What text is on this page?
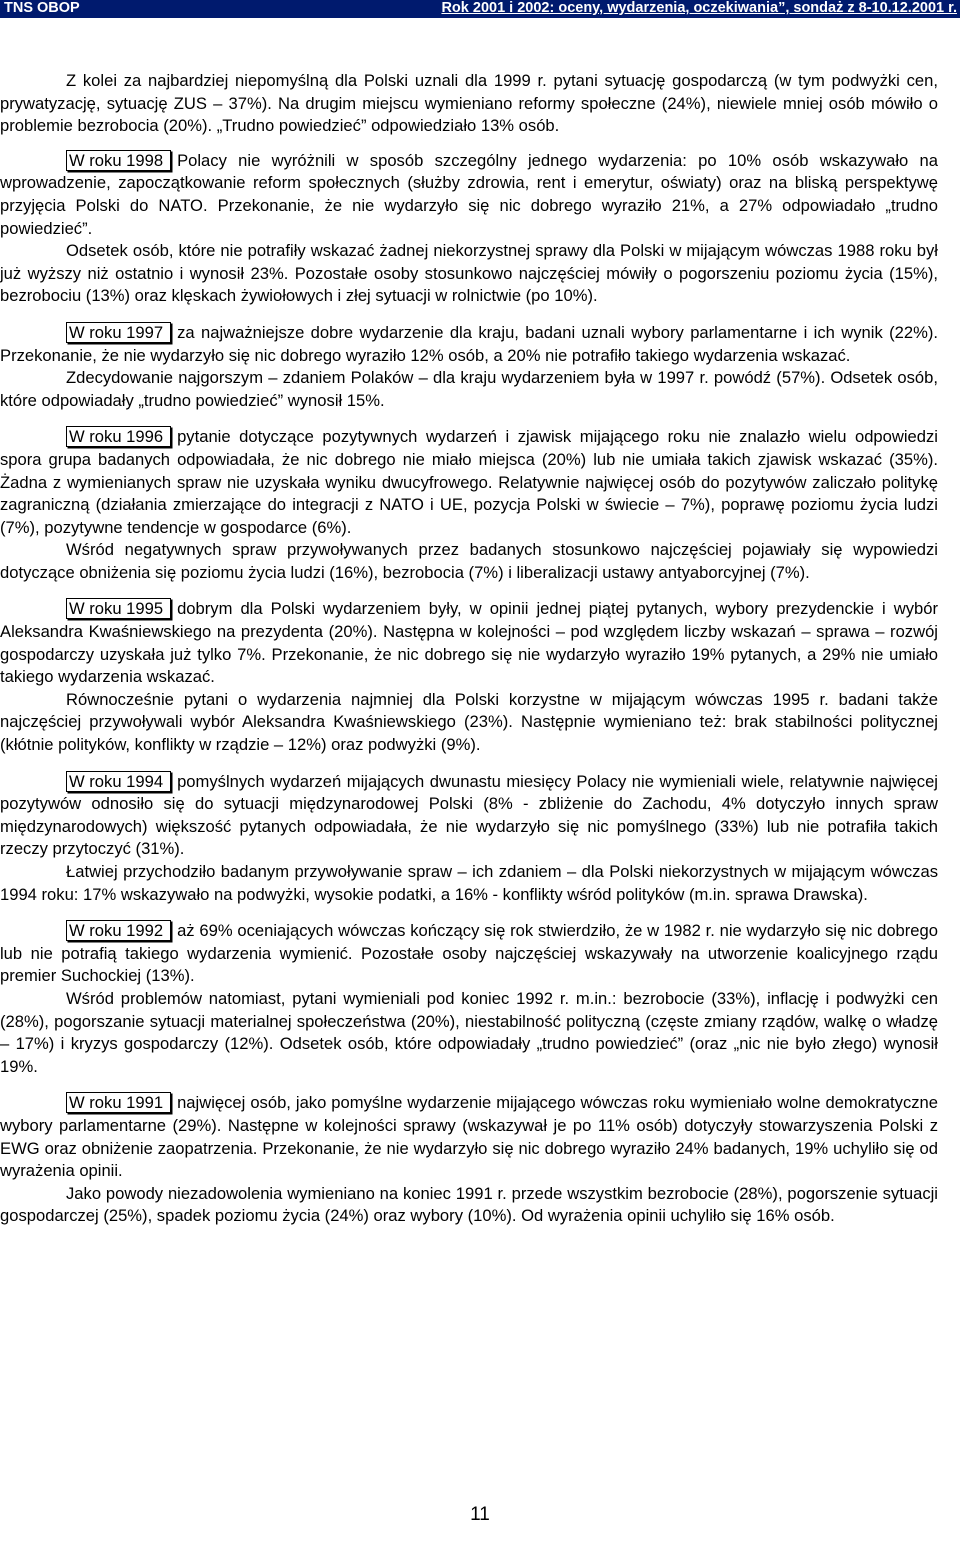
TNS OBOP	Rok 2001 i 2002: oceny, wydarzenia, oczekiwania”, sondaż z 8-10.12.2001 r.

Z kolei za najbardziej niepomyślną dla Polski uznali dla 1999 r. pytani sytuację gospodarczą (w tym podwyżki cen, prywatyzację, sytuację ZUS – 37%). Na drugim miejscu wymieniano reformy społeczne (24%), niewiele mniej osób mówiło o problemie bezrobocia (20%). „Trudno powiedzieć” odpowiedziało 13% osób.

W roku 1998 Polacy nie wyróżnili w sposób szczególny jednego wydarzenia: po 10% osób wskazywało na wprowadzenie, zapoczątkowanie reform społecznych (służby zdrowia, rent i emerytur, oświaty) oraz na bliską perspektywę przyjęcia Polski do NATO. Przekonanie, że nie wydarzyło się nic dobrego wyraziło 21%, a 27% odpowiadało „trudno powiedzieć”.

Odsetek osób, które nie potrafiły wskazać żadnej niekorzystnej sprawy dla Polski w mijającym wówczas 1988 roku był już wyższy niż ostatnio i wynosił 23%. Pozostałe osoby stosunkowo najczęściej mówiły o pogorszeniu poziomu życia (15%), bezrobociu (13%) oraz klęskach żywiołowych i złej sytuacji w rolnictwie (po 10%).

W roku 1997 za najważniejsze dobre wydarzenie dla kraju, badani uznali wybory parlamentarne i ich wynik (22%). Przekonanie, że nie wydarzyło się nic dobrego wyraziło 12% osób, a 20% nie potrafiło takiego wydarzenia wskazać.

Zdecydowanie najgorszym – zdaniem Polaków – dla kraju wydarzeniem była w 1997 r. powódź (57%). Odsetek osób, które odpowiadały „trudno powiedzieć” wynosił 15%.

W roku 1996 pytanie dotyczące pozytywnych wydarzeń i zjawisk mijającego roku nie znalazło wielu odpowiedzi spora grupa badanych odpowiadała, że nic dobrego nie miało miejsca (20%) lub nie umiała takich zjawisk wskazać (35%). Żadna z wymienianych spraw nie uzyskała wyniku dwucyfrowego. Relatywnie najwięcej osób do pozytywów zaliczało politykę zagraniczną (działania zmierzające do integracji z NATO i UE, pozycja Polski w świecie – 7%), poprawę poziomu życia ludzi (7%), pozytywne tendencje w gospodarce (6%).

Wśród negatywnych spraw przywoływanych przez badanych stosunkowo najczęściej pojawiały się wypowiedzi dotyczące obniżenia się poziomu życia ludzi (16%), bezrobocia (7%) i liberalizacji ustawy antyaborcyjnej (7%).

W roku 1995 dobrym dla Polski wydarzeniem były, w opinii jednej piątej pytanych, wybory prezydenckie i wybór Aleksandra Kwaśniewskiego na prezydenta (20%). Następna w kolejności – pod względem liczby wskazań – sprawa – rozwój gospodarczy uzyskała już tylko 7%. Przekonanie, że nic dobrego się nie wydarzyło wyraziło 19% pytanych, a 29% nie umiało takiego wydarzenia wskazać.

Równocześnie pytani o wydarzenia najmniej dla Polski korzystne w mijającym wówczas 1995 r. badani także najczęściej przywoływali wybór Aleksandra Kwaśniewskiego (23%). Następnie wymieniano też: brak stabilności politycznej (kłótnie polityków, konflikty w rządzie – 12%) oraz podwyżki (9%).

W roku 1994 pomyślnych wydarzeń mijających dwunastu miesięcy Polacy nie wymieniali wiele, relatywnie najwięcej pozytywów odnosiło się do sytuacji międzynarodowej Polski (8% - zbliżenie do Zachodu, 4% dotyczyło innych spraw międzynarodowych) większość pytanych odpowiadała, że nie wydarzyło się nic pomyślnego (33%) lub nie potrafiła takich rzeczy przytoczyć (31%).

Łatwiej przychodziło badanym przywoływanie spraw – ich zdaniem – dla Polski niekorzystnych w mijającym wówczas 1994 roku: 17% wskazywało na podwyżki, wysokie podatki, a 16% - konflikty wśród polityków (m.in. sprawa Drawska).

W roku 1992 aż 69% oceniających wówczas kończący się rok stwierdziło, że w 1982 r. nie wydarzyło się nic dobrego lub nie potrafią takiego wydarzenia wymienić. Pozostałe osoby najczęściej wskazywały na utworzenie koalicyjnego rządu premier Suchockiej (13%).

Wśród problemów natomiast, pytani wymieniali pod koniec 1992 r. m.in.: bezrobocie (33%), inflację i podwyżki cen (28%), pogorszanie sytuacji materialnej społeczeństwa (20%), niestabilność polityczną (częste zmiany rządów, walkę o władzę – 17%) i kryzys gospodarczy (12%). Odsetek osób, które odpowiadały „trudno powiedzieć” (oraz „nic nie było złego) wynosił 19%.

W roku 1991 najwięcej osób, jako pomyślne wydarzenie mijającego wówczas roku wymieniało wolne demokratyczne wybory parlamentarne (29%). Następne w kolejności sprawy (wskazywał je po 11% osób) dotyczyły stowarzyszenia Polski z EWG oraz obniżenie zaopatrzenia. Przekonanie, że nie wydarzyło się nic dobrego wyraziło 24% badanych, 19% uchyliło się od wyrażenia opinii.

Jako powody niezadowolenia wymieniano na koniec 1991 r. przede wszystkim bezrobocie (28%), pogorszenie sytuacji gospodarczej (25%), spadek poziomu życia (24%) oraz wybory (10%). Od wyrażenia opinii uchyliło się 16% osób.

11
